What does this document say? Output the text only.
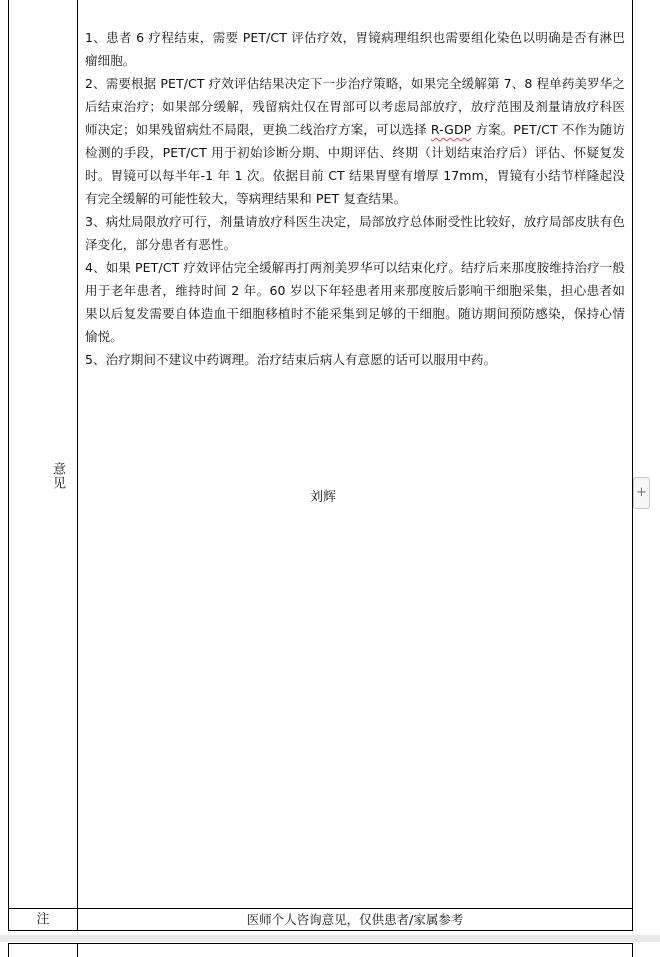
意见

1、患者 6 疗程结束，需要 PET/CT 评估疗效，胃镜病理组织也需要组化染色以明确是否有淋巴瘤细胞。

2、需要根据 PET/CT 疗效评估结果决定下一步治疗策略，如果完全缓解第 7、8 程单药美罗华之后结束治疗；如果部分缓解，残留病灶仅在胃部可以考虑局部放疗，放疗范围及剂量请放疗科医师决定；如果残留病灶不局限，更换二线治疗方案，可以选择 R-GDP 方案。PET/CT 不作为随访检测的手段，PET/CT 用于初始诊断分期、中期评估、终期（计划结束治疗后）评估、怀疑复发时。胃镜可以每半年-1 年 1 次。依据目前 CT 结果胃壁有增厚 17mm，胃镜有小结节样隆起没有完全缓解的可能性较大，等病理结果和 PET 复查结果。

3、病灶局限放疗可行，剂量请放疗科医生决定，局部放疗总体耐受性比较好，放疗局部皮肤有色泽变化，部分患者有恶性。

4、如果 PET/CT 疗效评估完全缓解再打两剂美罗华可以结束化疗。结疗后来那度胺维持治疗一般用于老年患者，维持时间 2 年。60 岁以下年轻患者用来那度胺后影响干细胞采集，担心患者如果以后复发需要自体造血干细胞移植时不能采集到足够的干细胞。随访期间预防感染，保持心情愉悦。

5、治疗期间不建议中药调理。治疗结束后病人有意愿的话可以服用中药。

刘辉
注	医师个人咨询意见，仅供患者/家属参考
+
